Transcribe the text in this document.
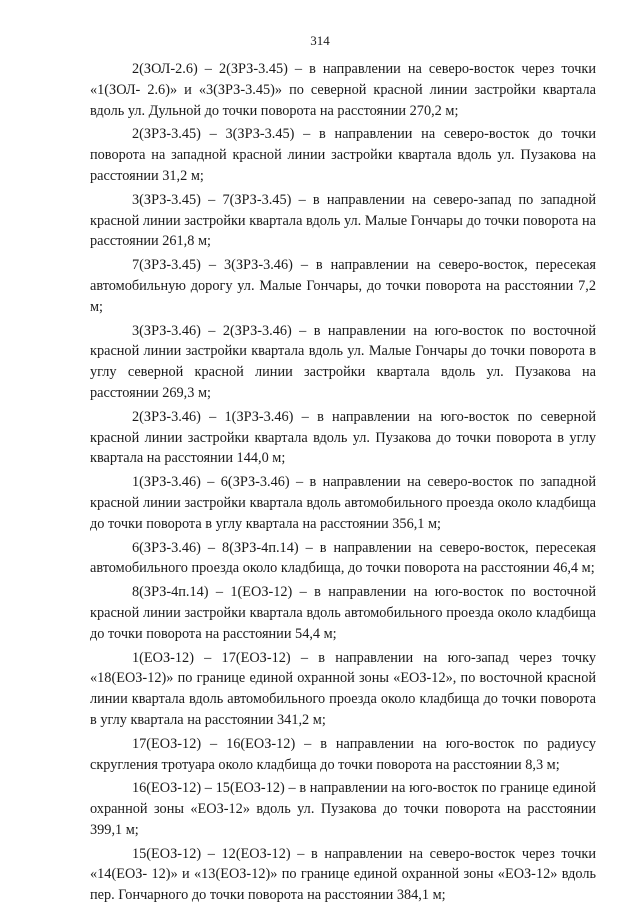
314

2(ЗОЛ-2.6) – 2(ЗРЗ-3.45) – в направлении на северо-восток через точки «1(ЗОЛ- 2.6)» и «3(ЗРЗ-3.45)» по северной красной линии застройки квартала вдоль ул. Дульной до точки поворота на расстоянии 270,2 м;

2(ЗРЗ-3.45) – 3(ЗРЗ-3.45) – в направлении на северо-восток до точки поворота на западной красной линии застройки квартала вдоль ул. Пузакова на расстоянии 31,2 м;

3(ЗРЗ-3.45) – 7(ЗРЗ-3.45) – в направлении на северо-запад по западной красной линии застройки квартала вдоль ул. Малые Гончары до точки поворота на расстоянии 261,8 м;

7(ЗРЗ-3.45) – 3(ЗРЗ-3.46) – в направлении на северо-восток, пересекая автомобильную дорогу ул. Малые Гончары, до точки поворота на расстоянии 7,2 м;

3(ЗРЗ-3.46) – 2(ЗРЗ-3.46) – в направлении на юго-восток по восточной красной линии застройки квартала вдоль ул. Малые Гончары до точки поворота в углу северной красной линии застройки квартала вдоль ул. Пузакова на расстоянии 269,3 м;

2(ЗРЗ-3.46) – 1(ЗРЗ-3.46) – в направлении на юго-восток по северной красной линии застройки квартала вдоль ул. Пузакова до точки поворота в углу квартала на расстоянии 144,0 м;

1(ЗРЗ-3.46) – 6(ЗРЗ-3.46) – в направлении на северо-восток по западной красной линии застройки квартала вдоль автомобильного проезда около кладбища до точки поворота в углу квартала на расстоянии 356,1 м;

6(ЗРЗ-3.46) – 8(ЗРЗ-4п.14) – в направлении на северо-восток, пересекая автомобильного проезда около кладбища, до точки поворота на расстоянии 46,4 м;

8(ЗРЗ-4п.14) – 1(ЕОЗ-12) – в направлении на юго-восток по восточной красной линии застройки квартала вдоль автомобильного проезда около кладбища до точки поворота на расстоянии 54,4 м;

1(ЕОЗ-12) – 17(ЕОЗ-12) – в направлении на юго-запад через точку «18(ЕОЗ-12)» по границе единой охранной зоны «ЕОЗ-12», по восточной красной линии квартала вдоль автомобильного проезда около кладбища до точки поворота в углу квартала на расстоянии 341,2 м;

17(ЕОЗ-12) – 16(ЕОЗ-12) – в направлении на юго-восток по радиусу скругления тротуара около кладбища до точки поворота на расстоянии 8,3 м;

16(ЕОЗ-12) – 15(ЕОЗ-12) – в направлении на юго-восток по границе единой охранной зоны «ЕОЗ-12» вдоль ул. Пузакова до точки поворота на расстоянии 399,1 м;

15(ЕОЗ-12) – 12(ЕОЗ-12) – в направлении на северо-восток через точки «14(ЕОЗ- 12)» и «13(ЕОЗ-12)» по границе единой охранной зоны «ЕОЗ-12» вдоль пер. Гончарного до точки поворота на расстоянии 384,1 м;
